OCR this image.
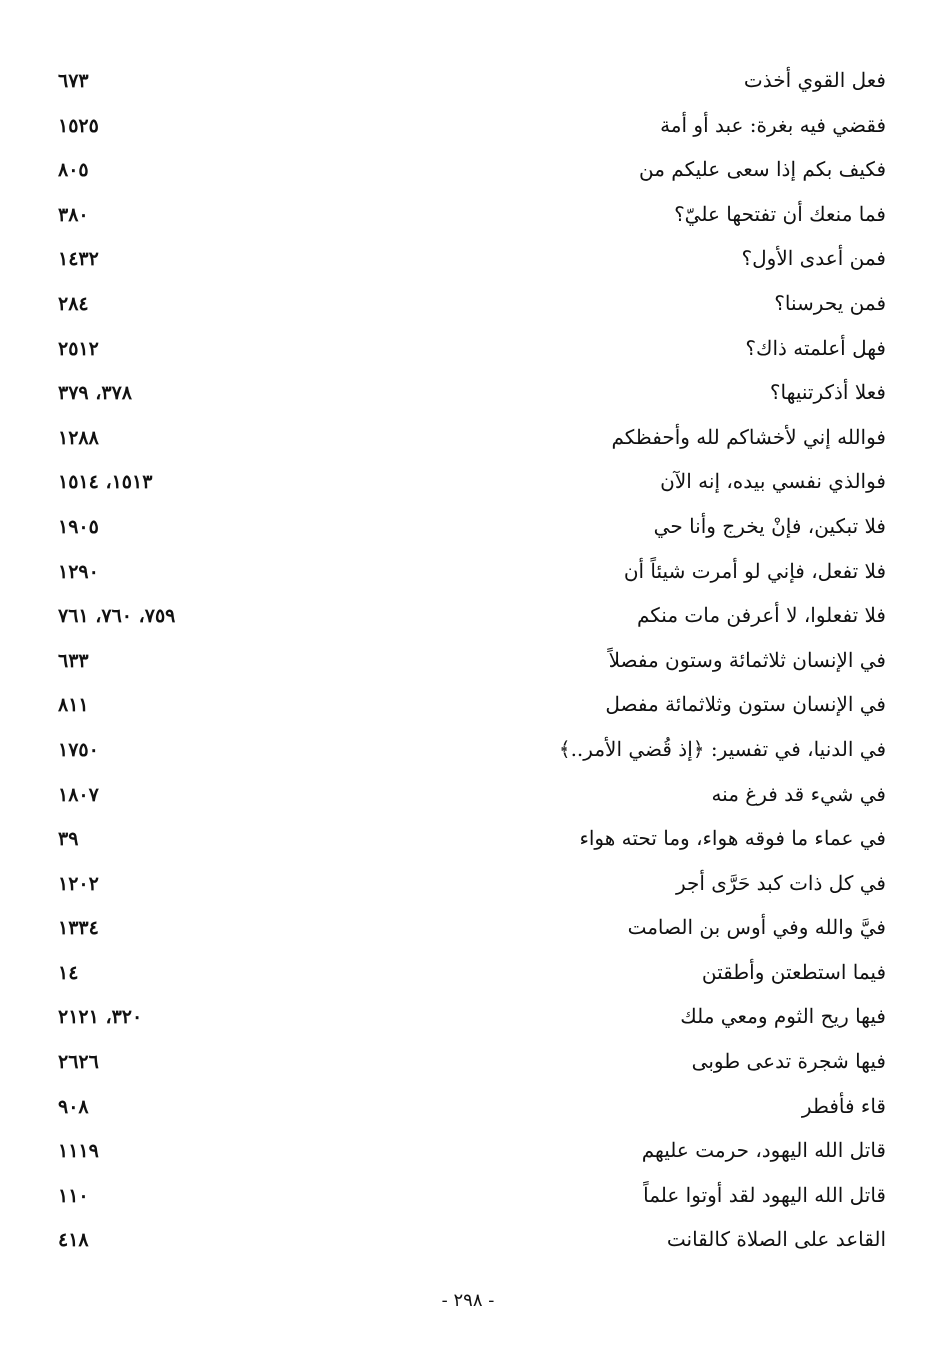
فعل القوي أخذت
٦٧٣
فقضي فيه بغرة: عبد أو أمة
١٥٢٥
فكيف بكم إذا سعى عليكم من
٨٠٥
فما منعك أن تفتحها عليّ؟
٣٨٠
فمن أعدى الأول؟
١٤٣٢
فمن يحرسنا؟
٢٨٤
فهل أعلمته ذاك؟
٢٥١٢
فعلا أذكرتنيها؟
٣٧٨، ٣٧٩
فوالله إني لأخشاكم لله وأحفظكم
١٢٨٨
فوالذي نفسي بيده، إنه الآن
١٥١٣، ١٥١٤
فلا تبكين، فإنْ يخرج وأنا حي
١٩٠٥
فلا تفعل، فإني لو أمرت شيئاً أن
١٢٩٠
فلا تفعلوا، لا أعرفن مات منكم
٧٥٩، ٧٦٠، ٧٦١
في الإنسان ثلاثمائة وستون مفصلاً
٦٣٣
في الإنسان ستون وثلاثمائة مفصل
٨١١
في الدنيا، في تفسير: ﴿إذ قُضي الأمر..﴾
١٧٥٠
في شيء قد فرغ منه
١٨٠٧
في عماء ما فوقه هواء، وما تحته هواء
٣٩
في كل ذات كبد حَرَّى أجر
١٢٠٢
فيَّ والله وفي أوس بن الصامت
١٣٣٤
فيما استطعتن وأطقتن
١٤
فيها ريح الثوم ومعي ملك
٣٢٠، ٢١٢١
فيها شجرة تدعى طوبى
٢٦٢٦
قاء فأفطر
٩٠٨
قاتل الله اليهود، حرمت عليهم
١١١٩
قاتل الله اليهود لقد أوتوا علماً
١١٠
القاعد على الصلاة كالقانت
٤١٨
- ٢٩٨ -
